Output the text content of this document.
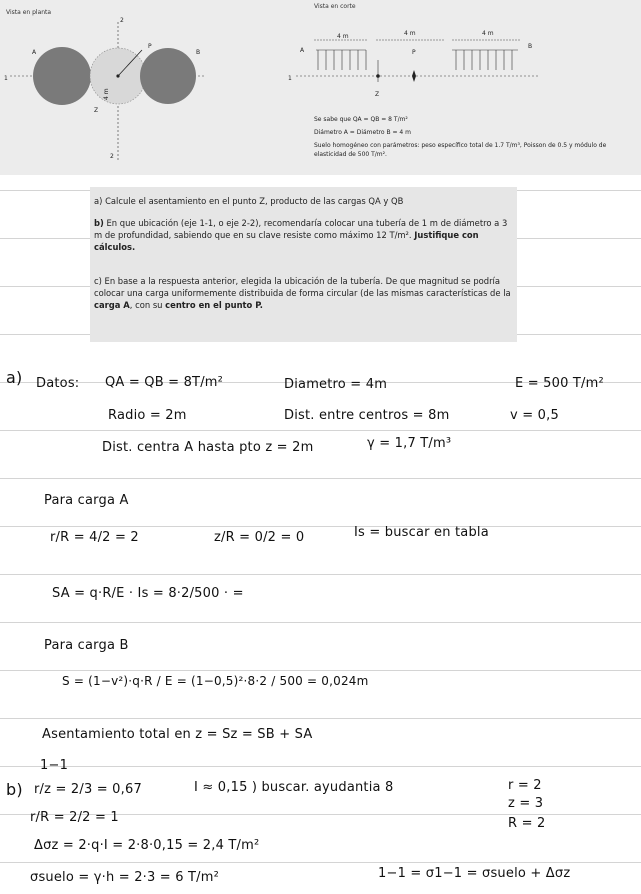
Vista en planta
A
P
B
2
2
1
4 m
Z
Vista en corte
4 m	4 m	4 m
A	P
B
Z
1
Se sabe que QA = QB = 8 T/m²
Diámetro A = Diámetro B = 4 m
Suelo homogéneo con parámetros: peso específico total de 1.7 T/m³, Poisson de 0.5 y módulo de
elasticidad de 500 T/m².
a) Calcule el asentamiento en el punto Z, producto de las cargas QA y QB
b) En que ubicación (eje 1-1, o eje 2-2), recomendaría colocar una tubería de 1 m de diámetro a 3 m de profundidad, sabiendo que en su clave resiste como máximo 12 T/m². Justifique con cálculos.
c) En base a la respuesta anterior, elegida la ubicación de la tubería. De que magnitud se podría colocar una carga uniformemente distribuida de forma circular (de las mismas características de la carga A, con su centro en el punto P.
a) Datos: QA = QB = 8T/m²	Diametro = 4m	E = 500 T/m²
Radio = 2m	Dist. entre centros = 8m	v = 0,5
Dist. centra A hasta pto z = 2m	γ = 1,7 T/m³
Para carga A
r/R = 4/2 = 2	z/R = 0/2 = 0	Is = buscar en tabla
SA = q·R/E · Is = 8·2/500 · =
Para carga B
S = (1−v²)·q·R / E = (1−0,5)²·8·2 / 500 = 0,024m
Asentamiento total en z = Sz = SB + SA
1−1
b) r/z = 2/3 = 0,67	I ≈ 0,15 ) buscar. ayudantia 8	r = 2
z = 3
r/R = 2/2 = 1	R = 2
Δσz = 2·q·I = 2·8·0,15 = 2,4 T/m²
σsuelo = γ·h = 2·3 = 6 T/m²	1−1 = σ1−1 = σsuelo + Δσz
